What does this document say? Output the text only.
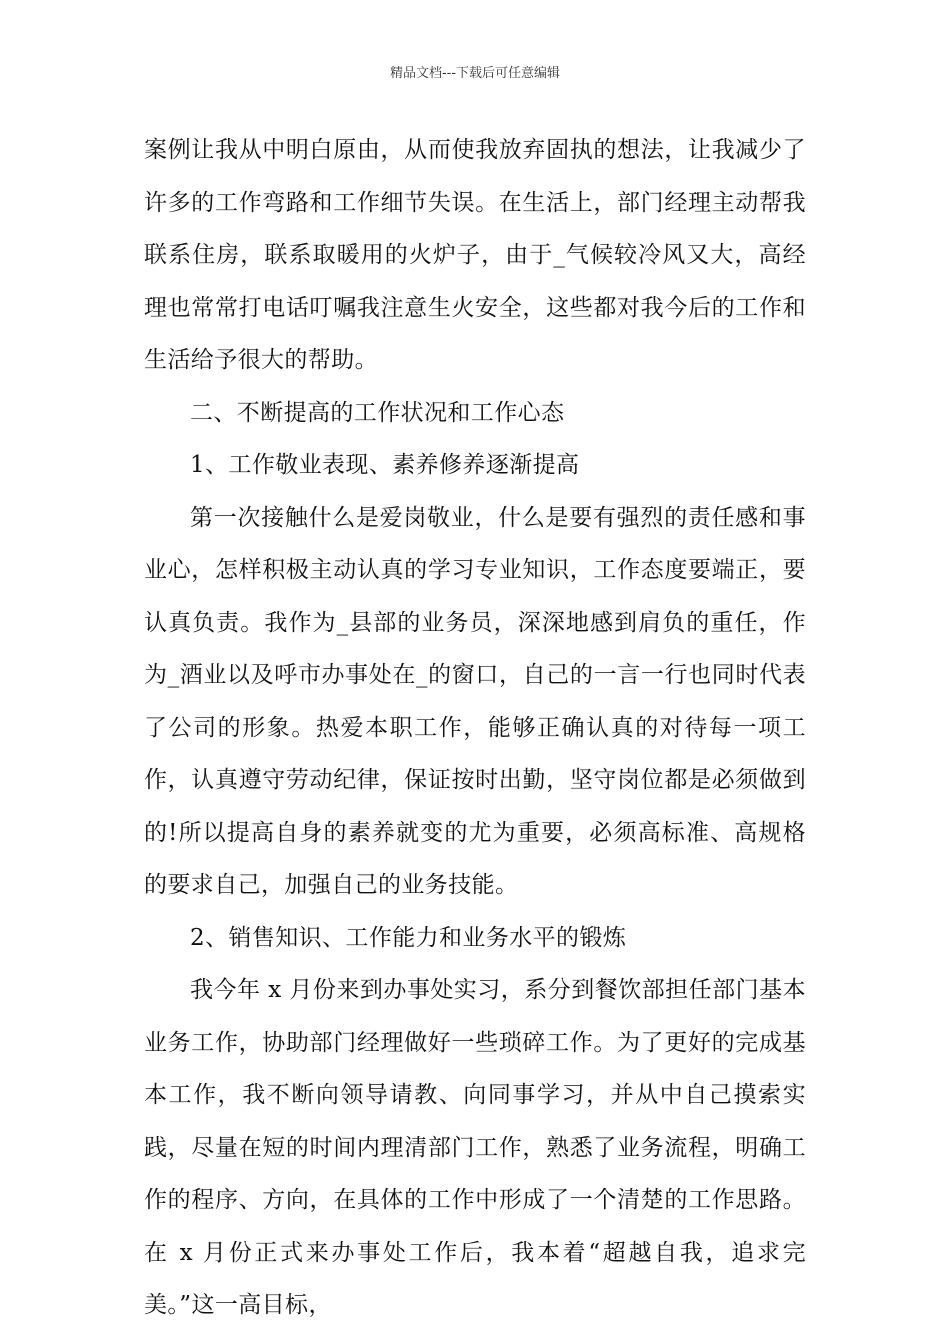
精品文档---下载后可任意编辑

案例让我从中明白原由，从而使我放弃固执的想法，让我减少了许多的工作弯路和工作细节失误。在生活上，部门经理主动帮我联系住房，联系取暖用的火炉子，由于_气候较冷风又大，高经理也常常打电话叮嘱我注意生火安全，这些都对我今后的工作和生活给予很大的帮助。

二、不断提高的工作状况和工作心态

1、工作敬业表现、素养修养逐渐提高

第一次接触什么是爱岗敬业，什么是要有强烈的责任感和事业心，怎样积极主动认真的学习专业知识，工作态度要端正，要认真负责。我作为_县部的业务员，深深地感到肩负的重任，作为_酒业以及呼市办事处在_的窗口，自己的一言一行也同时代表了公司的形象。热爱本职工作，能够正确认真的对待每一项工作，认真遵守劳动纪律，保证按时出勤，坚守岗位都是必须做到的!所以提高自身的素养就变的尤为重要，必须高标准、高规格的要求自己，加强自己的业务技能。

2、销售知识、工作能力和业务水平的锻炼

我今年 x 月份来到办事处实习，系分到餐饮部担任部门基本业务工作，协助部门经理做好一些琐碎工作。为了更好的完成基本工作，我不断向领导请教、向同事学习，并从中自己摸索实践，尽量在短的时间内理清部门工作，熟悉了业务流程，明确工作的程序、方向，在具体的工作中形成了一个清楚的工作思路。在 x 月份正式来办事处工作后，我本着“超越自我，追求完美。”这一高目标，
